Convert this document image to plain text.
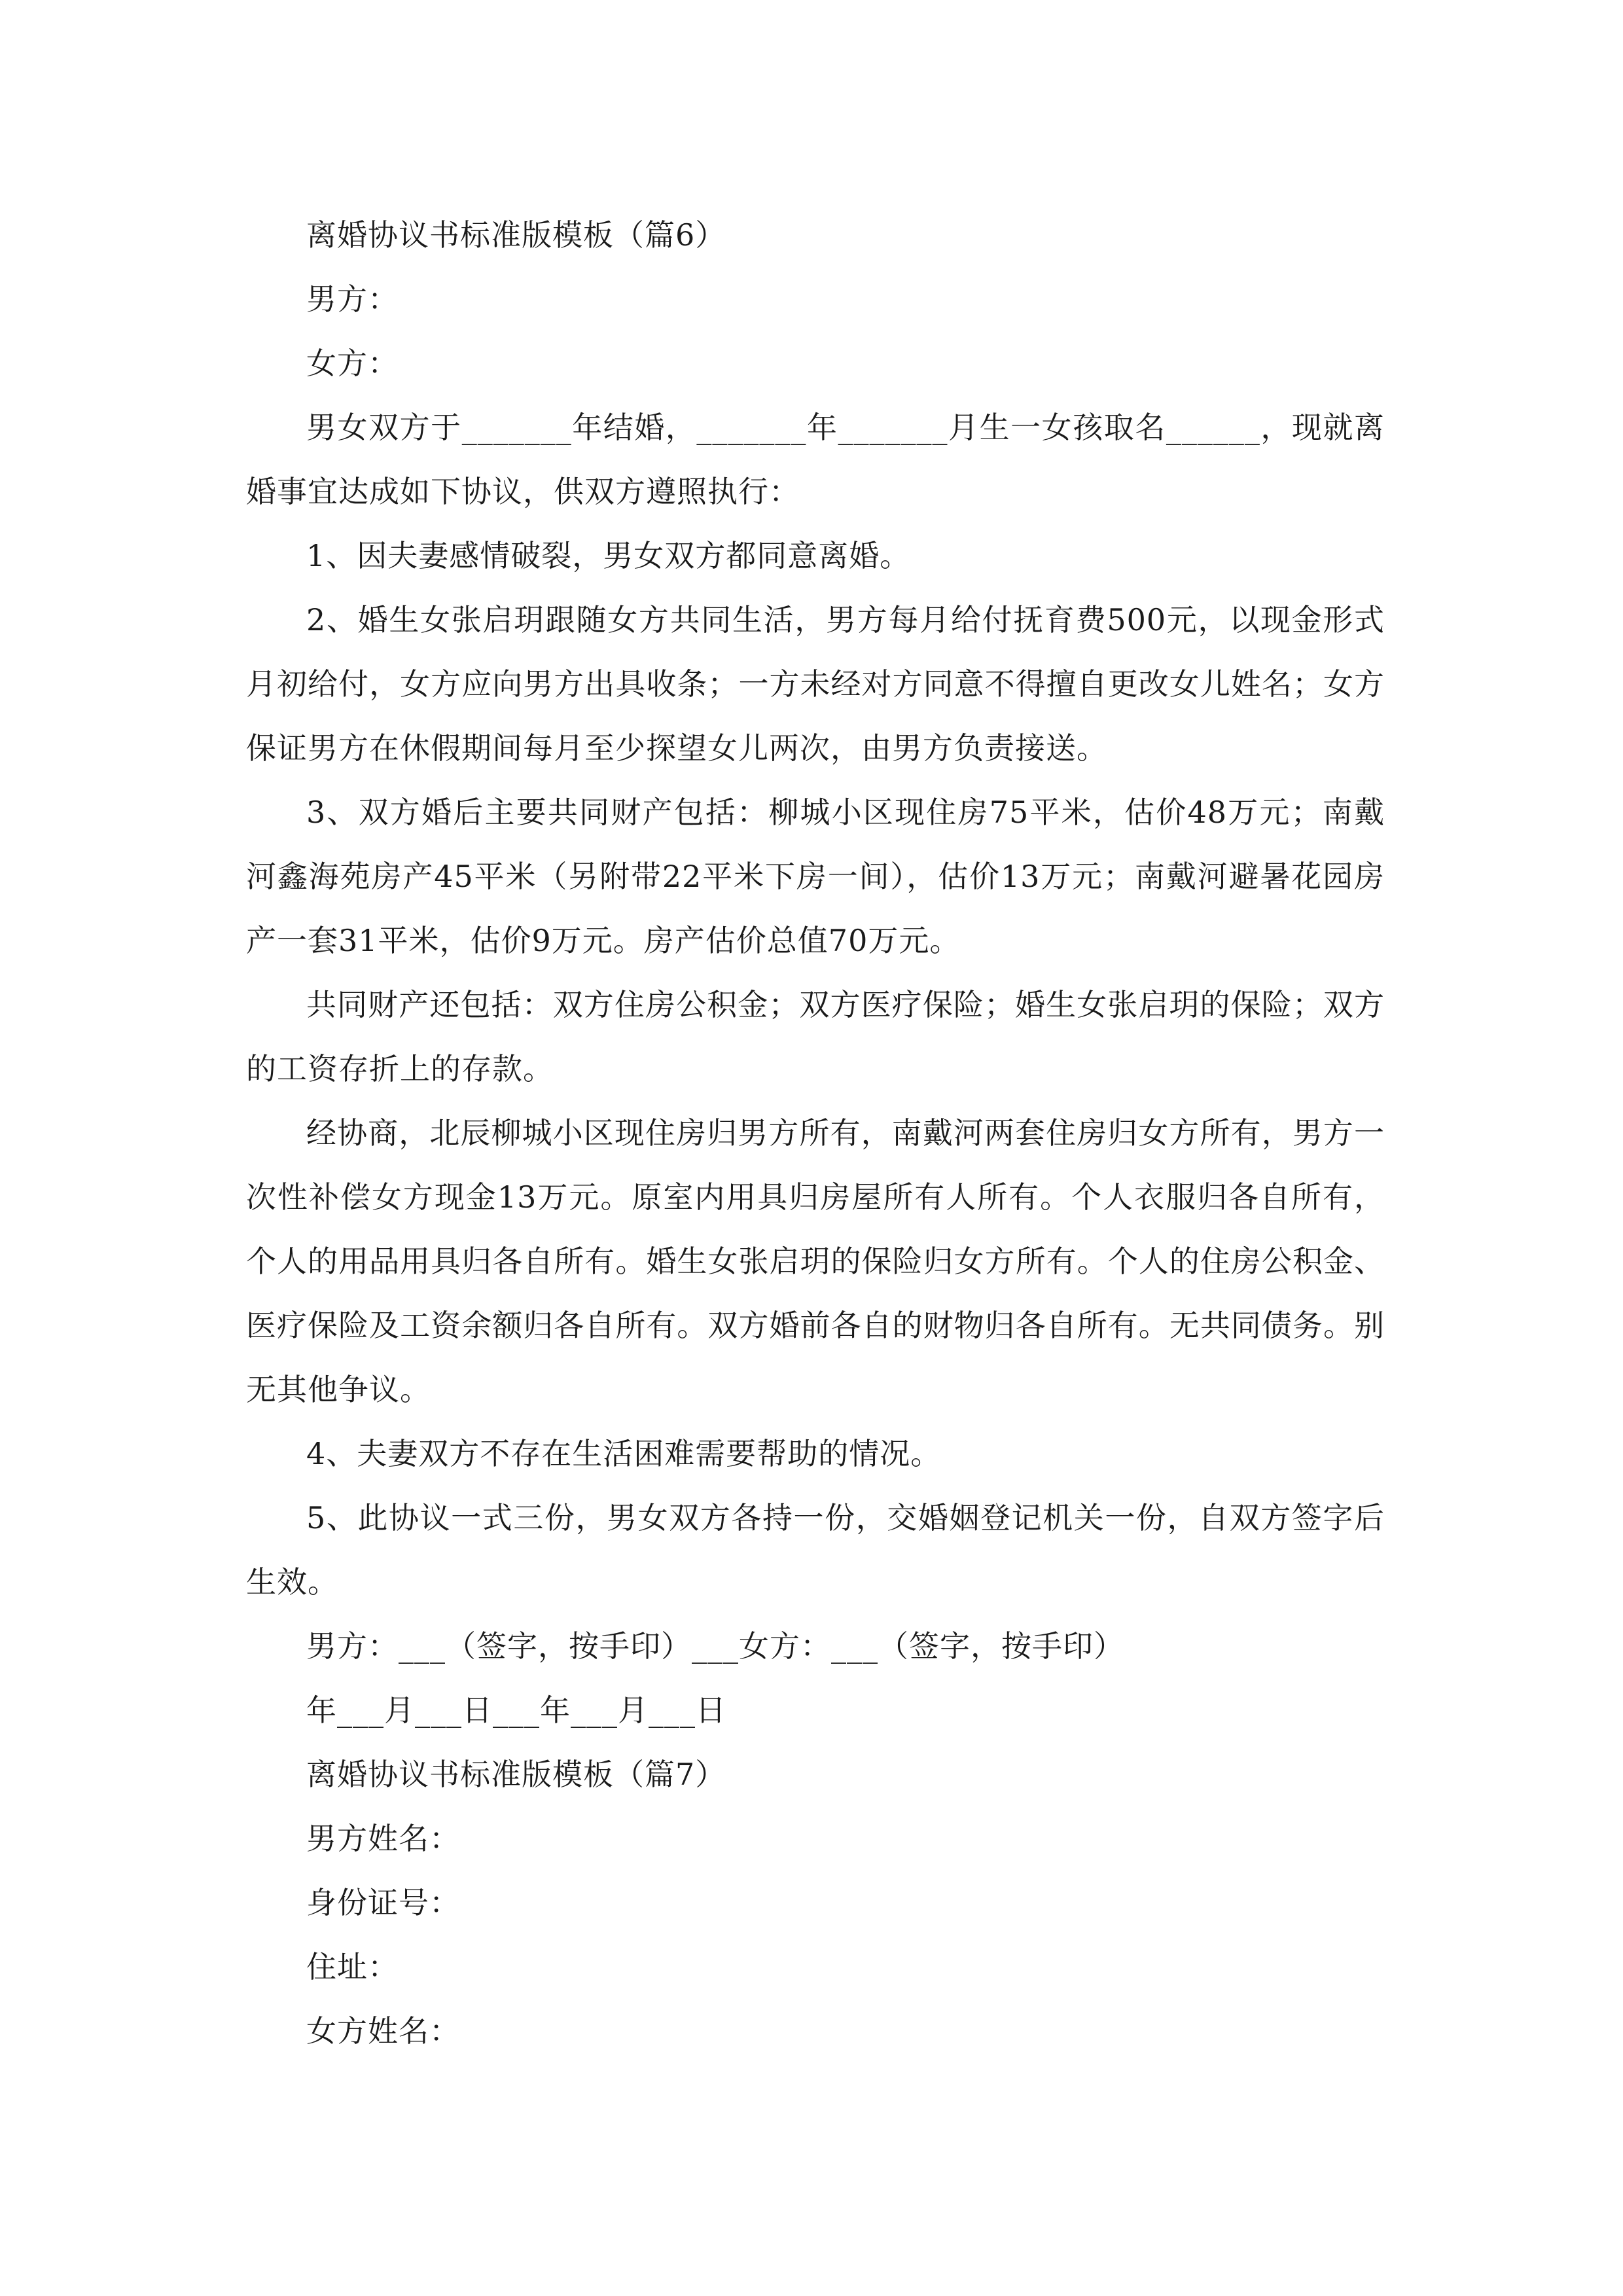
离婚协议书标准版模板（篇6）

男方：

女方：

男女双方于_______年结婚，_______年_______月生一女孩取名______，现就离婚事宜达成如下协议，供双方遵照执行：

1、因夫妻感情破裂，男女双方都同意离婚。

2、婚生女张启玥跟随女方共同生活，男方每月给付抚育费500元，以现金形式月初给付，女方应向男方出具收条；一方未经对方同意不得擅自更改女儿姓名；女方保证男方在休假期间每月至少探望女儿两次，由男方负责接送。

3、双方婚后主要共同财产包括：柳城小区现住房75平米，估价48万元；南戴河鑫海苑房产45平米（另附带22平米下房一间），估价13万元；南戴河避暑花园房产一套31平米，估价9万元。房产估价总值70万元。

共同财产还包括：双方住房公积金；双方医疗保险；婚生女张启玥的保险；双方的工资存折上的存款。

经协商，北辰柳城小区现住房归男方所有，南戴河两套住房归女方所有，男方一次性补偿女方现金13万元。原室内用具归房屋所有人所有。个人衣服归各自所有，个人的用品用具归各自所有。婚生女张启玥的保险归女方所有。个人的住房公积金、医疗保险及工资余额归各自所有。双方婚前各自的财物归各自所有。无共同债务。别无其他争议。

4、夫妻双方不存在生活困难需要帮助的情况。

5、此协议一式三份，男女双方各持一份，交婚姻登记机关一份，自双方签字后生效。

男方：___（签字，按手印）___女方：___（签字，按手印）

年___月___日___年___月___日

离婚协议书标准版模板（篇7）

男方姓名：

身份证号：

住址：

女方姓名：
